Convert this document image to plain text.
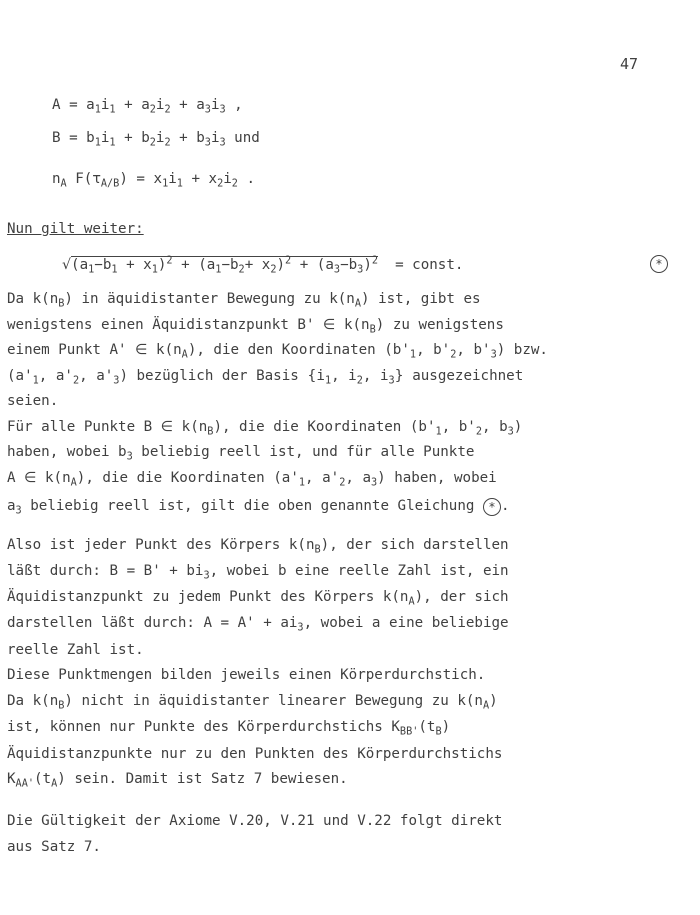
47
$A = a_1i_1 + a_2i_2 + a_3i_3$ ,
$B = b_1i_1 + b_2i_2 + b_3i_3$ und
$n_A$ $F(\tau_{A/B}) = x_1i_1 + x_2i_2$ .
Nun gilt weiter:
$√(a_1-b_1 + x_1)^2 + (a_1-b_2+ x_2)^2 + (a_3-b_3)^2$  = const.	*
Da $k(n_B)$ in äquidistanter Bewegung zu $k(n_A)$ ist, gibt es
wenigstens einen Äquidistanzpunkt B' ∈ $k(n_B)$ zu wenigstens
einem Punkt A' ∈ $k(n_A)$, die den Koordinaten ($b'_1$, $b'_2$, $b'_3$) bzw.
($a'_1$, $a'_2$, $a'_3$) bezüglich der Basis {$i_1$, $i_2$, $i_3$} ausgezeichnet
seien.
Für alle Punkte B ∈ $k(n_B)$, die die Koordinaten ($b'_1$, $b'_2$, $b_3$)
haben, wobei $b_3$ beliebig reell ist, und für alle Punkte
A ∈ $k(n_A)$, die die Koordinaten ($a'_1$, $a'_2$, $a_3$) haben, wobei
$a_3$ beliebig reell ist, gilt die oben genannte Gleichung * .
Also ist jeder Punkt des Körpers $k(n_B)$, der sich darstellen
läßt durch: $B = B' + bi_3$, wobei b eine reelle Zahl ist, ein
Äquidistanzpunkt zu jedem Punkt des Körpers $k(n_A)$, der sich
darstellen läßt durch: $A = A' + ai_3$, wobei a eine beliebige
reelle Zahl ist.
Diese Punktmengen bilden jeweils einen Körperdurchstich.
Da $k(n_B)$ nicht in äquidistanter linearer Bewegung zu $k(n_A)$
ist, können nur Punkte des Körperdurchstichs $K_{BB'}(t_B)$
Äquidistanzpunkte nur zu den Punkten des Körperdurchstichs
$K_{AA'}(t_A)$ sein. Damit ist Satz 7 bewiesen.
Die Gültigkeit der Axiome V.20, V.21 und V.22 folgt direkt
aus Satz 7.
